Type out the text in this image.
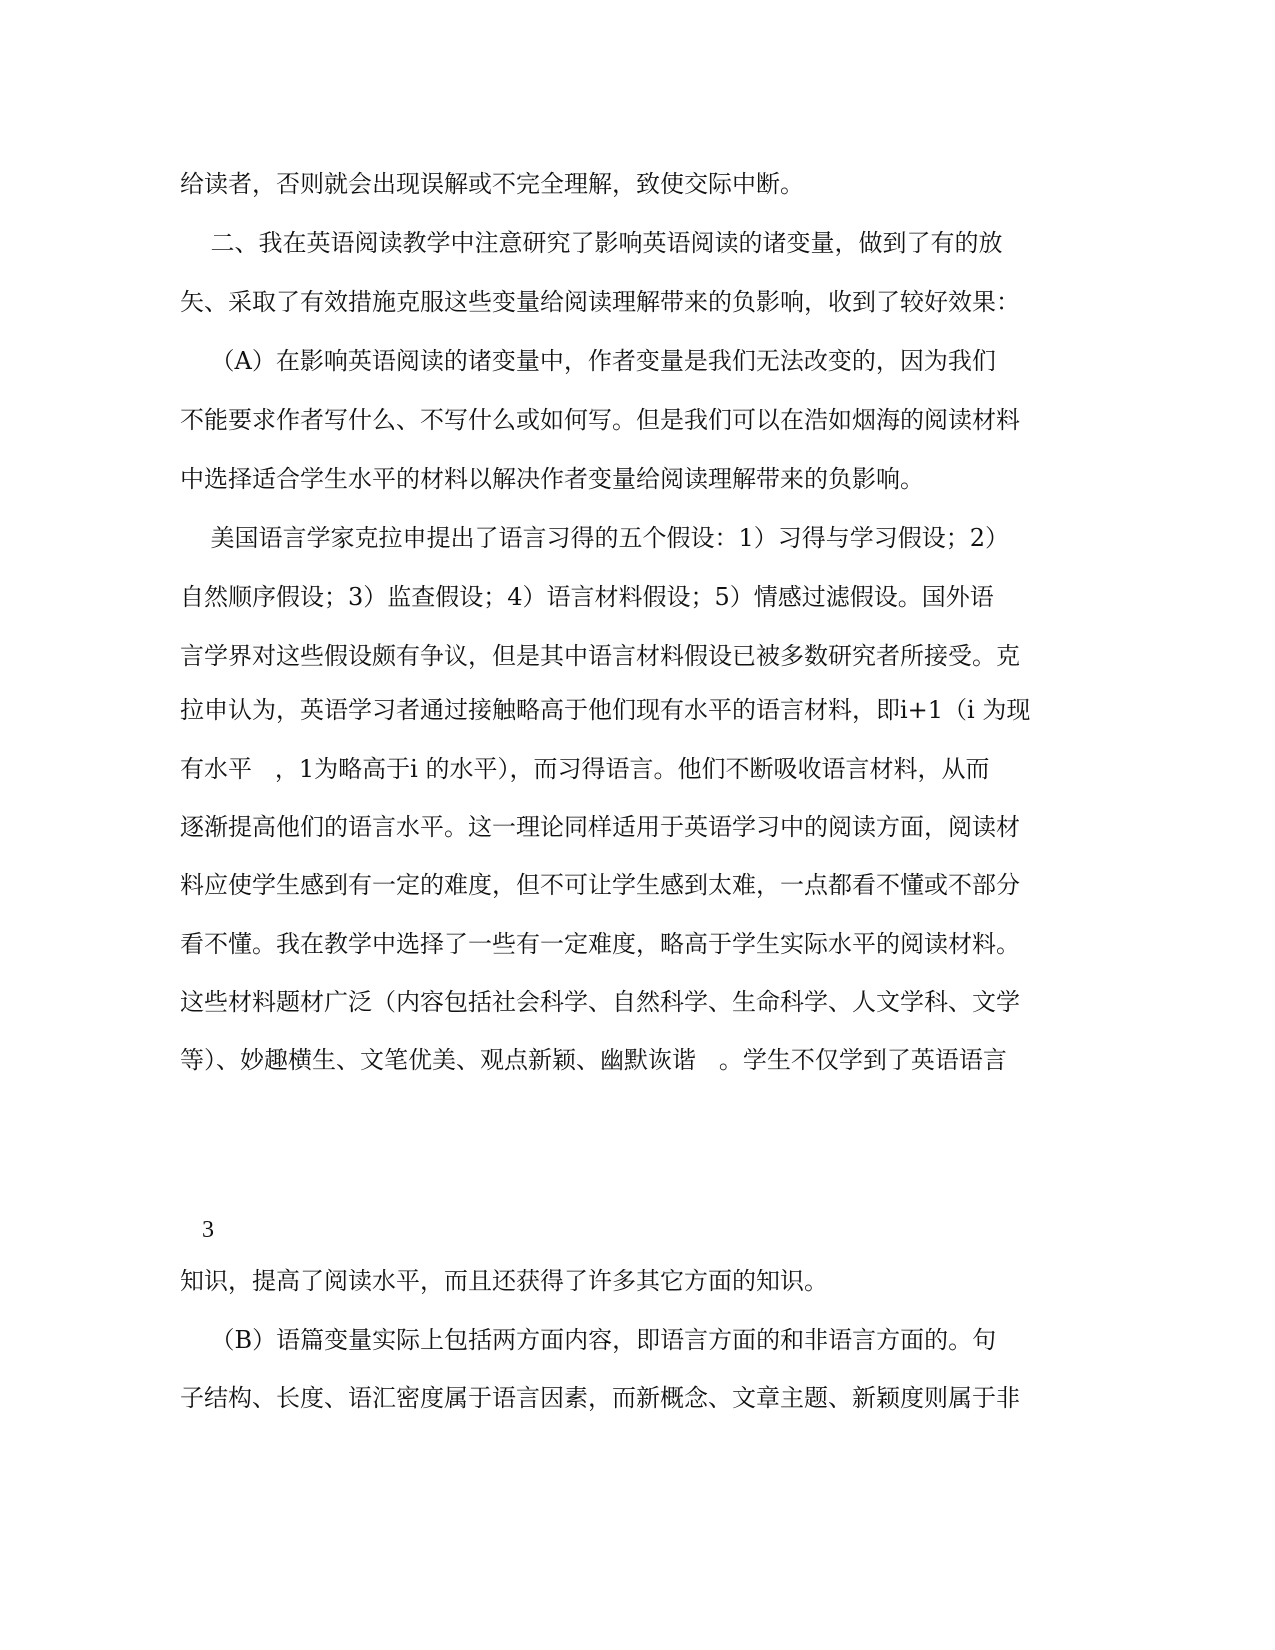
给读者，否则就会出现误解或不完全理解，致使交际中断。

二、我在英语阅读教学中注意研究了影响英语阅读的诸变量，做到了有的放

矢、采取了有效措施克服这些变量给阅读理解带来的负影响，收到了较好效果：

（A）在影响英语阅读的诸变量中，作者变量是我们无法改变的，因为我们

不能要求作者写什么、不写什么或如何写。但是我们可以在浩如烟海的阅读材料

中选择适合学生水平的材料以解决作者变量给阅读理解带来的负影响。

美国语言学家克拉申提出了语言习得的五个假设：1）习得与学习假设；2）

自然顺序假设；3）监查假设；4）语言材料假设；5）情感过滤假设。国外语

言学界对这些假设颇有争议，但是其中语言材料假设已被多数研究者所接受。克

拉申认为，英语学习者通过接触略高于他们现有水平的语言材料，即i+1（i 为现

有水平   ，1为略高于i 的水平），而习得语言。他们不断吸收语言材料，从而

逐渐提高他们的语言水平。这一理论同样适用于英语学习中的阅读方面，阅读材

料应使学生感到有一定的难度，但不可让学生感到太难，一点都看不懂或不部分

看不懂。我在教学中选择了一些有一定难度，略高于学生实际水平的阅读材料。

这些材料题材广泛（内容包括社会科学、自然科学、生命科学、人文学科、文学

等）、妙趣横生、文笔优美、观点新颖、幽默诙谐   。学生不仅学到了英语语言

3

知识，提高了阅读水平，而且还获得了许多其它方面的知识。

（B）语篇变量实际上包括两方面内容，即语言方面的和非语言方面的。句

子结构、长度、语汇密度属于语言因素，而新概念、文章主题、新颖度则属于非
